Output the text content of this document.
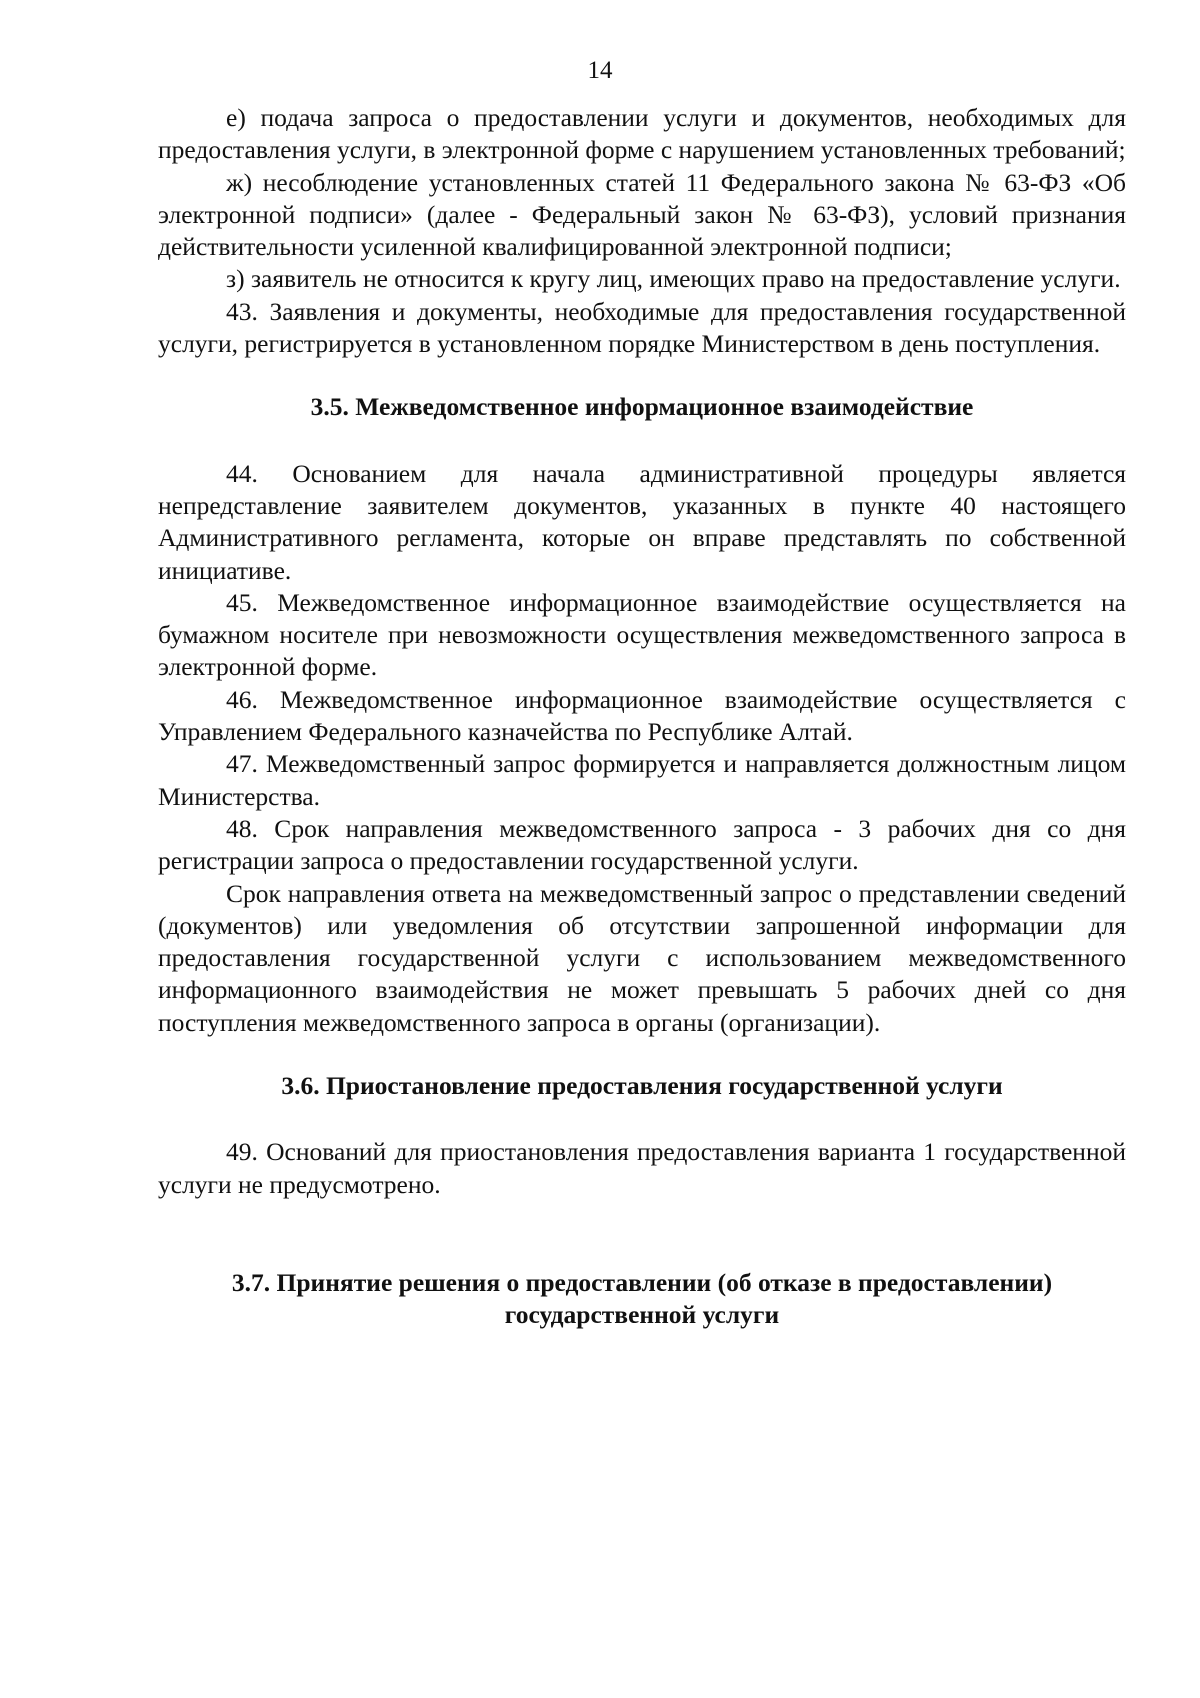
14

е) подача запроса о предоставлении услуги и документов, необходимых для предоставления услуги, в электронной форме с нарушением установленных требований;

ж) несоблюдение установленных статей 11 Федерального закона № 63-ФЗ «Об электронной подписи» (далее - Федеральный закон № 63-ФЗ), условий признания действительности усиленной квалифицированной электронной подписи;

з) заявитель не относится к кругу лиц, имеющих право на предоставление услуги.

43. Заявления и документы, необходимые для предоставления государственной услуги, регистрируется в установленном порядке Министерством в день поступления.

3.5. Межведомственное информационное взаимодействие

44. Основанием для начала административной процедуры является непредставление заявителем документов, указанных в пункте 40 настоящего Административного регламента, которые он вправе представлять по собственной инициативе.

45. Межведомственное информационное взаимодействие осуществляется на бумажном носителе при невозможности осуществления межведомственного запроса в электронной форме.

46. Межведомственное информационное взаимодействие осуществляется с Управлением Федерального казначейства по Республике Алтай.

47. Межведомственный запрос формируется и направляется должностным лицом Министерства.

48. Срок направления межведомственного запроса - 3 рабочих дня со дня регистрации запроса о предоставлении государственной услуги.

Срок направления ответа на межведомственный запрос о представлении сведений (документов) или уведомления об отсутствии запрошенной информации для предоставления государственной услуги с использованием межведомственного информационного взаимодействия не может превышать 5 рабочих дней со дня поступления межведомственного запроса в органы (организации).

3.6. Приостановление предоставления государственной услуги

49. Оснований для приостановления предоставления варианта 1 государственной услуги не предусмотрено.

3.7. Принятие решения о предоставлении (об отказе в предоставлении) государственной услуги
